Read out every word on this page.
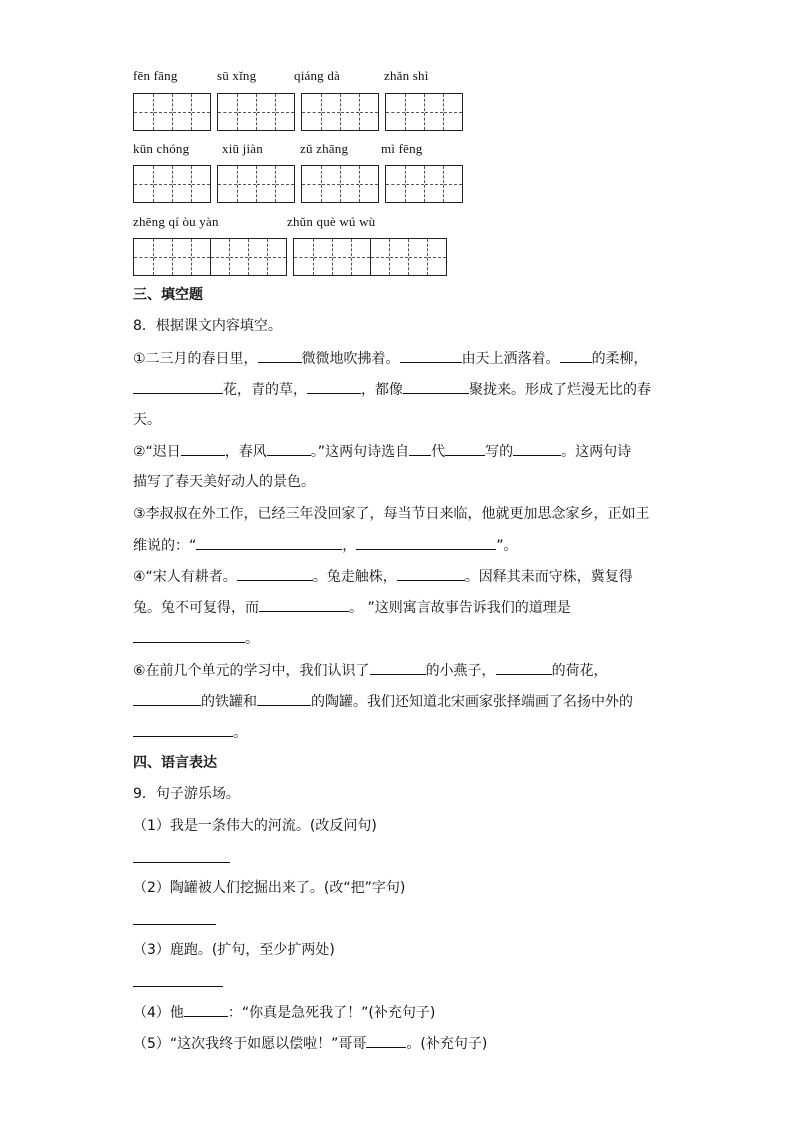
fēn fāng	sū xǐng	qiáng dà	zhǎn shì
kūn chóng	xiū jiàn	zǔ zhāng	mì fēng
zhēng qí òu yàn	zhǔn què wú wù
三、填空题
8．根据课文内容填空。
①二三月的春日里，	微微地吹拂着。	由天上洒落着。 的柔柳，
花，青的草，	，都像	聚拢来。形成了烂漫无比的春
天。
②“迟日	，春风	。”这两句诗选自 代	写的	。这两句诗
描写了春天美好动人的景色。
③李叔叔在外工作，已经三年没回家了，每当节日来临，他就更加思念家乡，正如王
维说的：“	，	”。
④“宋人有耕者。	。兔走触株，	。因释其耒而守株，冀复得
兔。兔不可复得，而	。 ”这则寓言故事告诉我们的道理是
。
⑥在前几个单元的学习中，我们认识了	的小燕子，	的荷花，
的铁罐和	的陶罐。我们还知道北宋画家张择端画了名扬中外的
。
四、语言表达
9．句子游乐场。
（1）我是一条伟大的河流。(改反问句)
（2）陶罐被人们挖掘出来了。(改“把”字句)
（3）鹿跑。(扩句，至少扩两处)
（4）他	：“你真是急死我了！”(补充句子)
（5）“这次我终于如愿以偿啦！”哥哥	。(补充句子)
